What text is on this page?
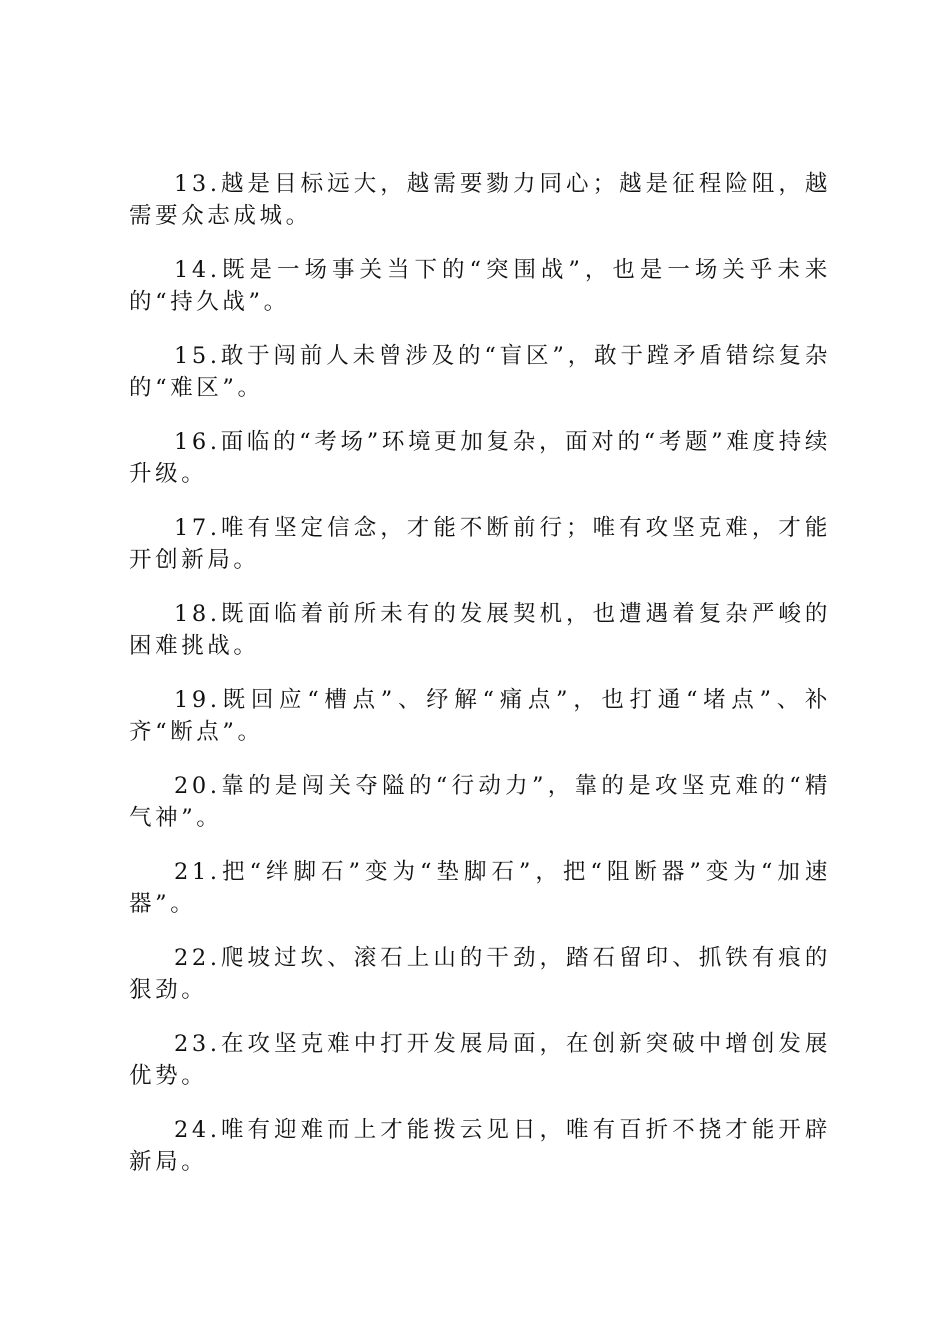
13.越是目标远大，越需要勠力同心；越是征程险阻，越需要众志成城。

14.既是一场事关当下的“突围战”，也是一场关乎未来的“持久战”。

15.敢于闯前人未曾涉及的“盲区”，敢于蹚矛盾错综复杂的“难区”。

16.面临的“考场”环境更加复杂，面对的“考题”难度持续升级。

17.唯有坚定信念，才能不断前行；唯有攻坚克难，才能开创新局。

18.既面临着前所未有的发展契机，也遭遇着复杂严峻的困难挑战。

19.既回应“槽点”、纾解“痛点”，也打通“堵点”、补齐“断点”。

20.靠的是闯关夺隘的“行动力”，靠的是攻坚克难的“精气神”。

21.把“绊脚石”变为“垫脚石”，把“阻断器”变为“加速器”。

22.爬坡过坎、滚石上山的干劲，踏石留印、抓铁有痕的狠劲。

23.在攻坚克难中打开发展局面，在创新突破中增创发展优势。

24.唯有迎难而上才能拨云见日，唯有百折不挠才能开辟新局。
